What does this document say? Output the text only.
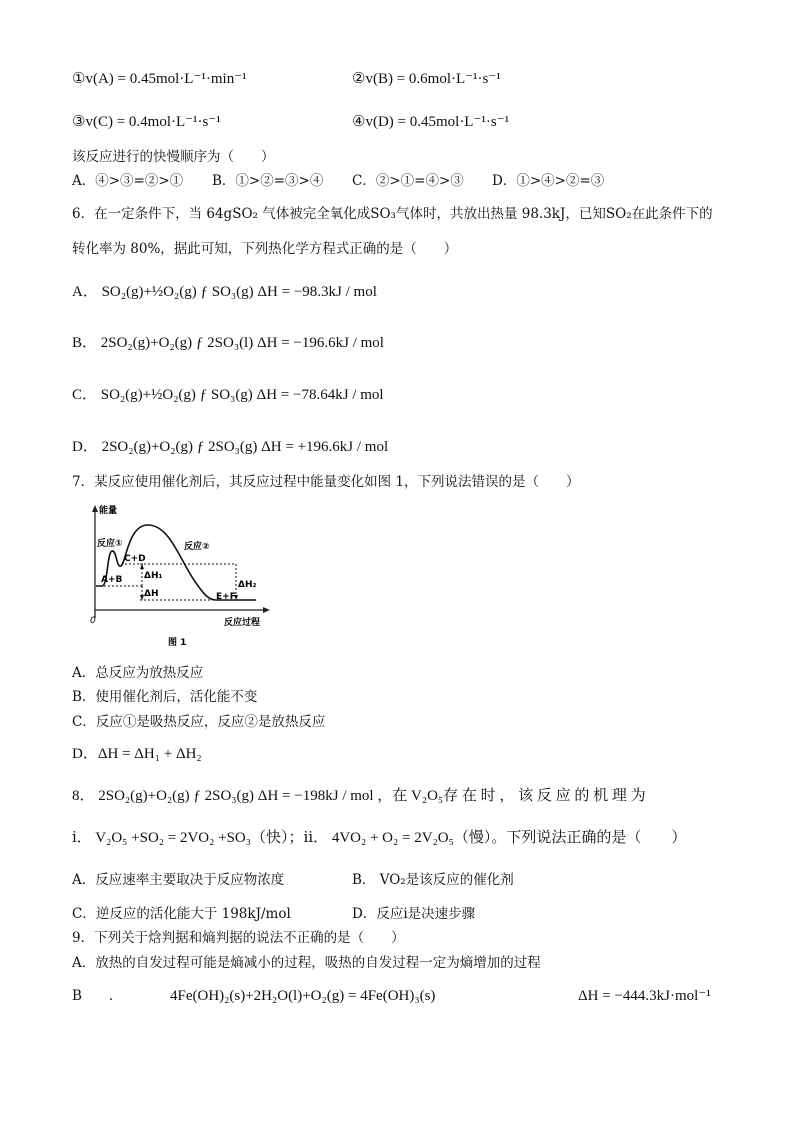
①v(A) = 0.45mol·L⁻¹·min⁻¹	②v(B) = 0.6mol·L⁻¹·s⁻¹
③v(C) = 0.4mol·L⁻¹·s⁻¹	④v(D) = 0.45mol·L⁻¹·s⁻¹
该反应进行的快慢顺序为（　　）
A．④>③=②>① B．①>②=③>④ C．②>①=④>③ D．①>④>②=③
6．在一定条件下，当 64gSO₂ 气体被完全氧化成SO₃气体时，共放出热量 98.3kJ，已知SO₂在此条件下的
转化率为 80%，据此可知，下列热化学方程式正确的是（　　）
A． SO₂(g)+½O₂(g) ƒ SO₃(g) ΔH = −98.3kJ / mol
B． 2SO₂(g)+O₂(g) ƒ 2SO₃(l) ΔH = −196.6kJ / mol
C． SO₂(g)+½O₂(g) ƒ SO₃(g) ΔH = −78.64kJ / mol
D． 2SO₂(g)+O₂(g) ƒ 2SO₃(g) ΔH = +196.6kJ / mol
7．某反应使用催化剂后，其反应过程中能量变化如图 1，下列说法错误的是（　　）
能量
0	反应过程
反应①
C+D
反应②
A+B ΔH₁
ΔH
ΔH₂
E+F
图 1
A．总反应为放热反应
B．使用催化剂后，活化能不变
C．反应①是吸热反应，反应②是放热反应
D．ΔH = ΔH₁ + ΔH₂
8． 2SO₂(g)+O₂(g) ƒ 2SO₃(g) ΔH = −198kJ / mol ，在 V₂O₅存 在 时 ， 该 反 应 的 机 理 为
ⅰ． V₂O₅ +SO₂ = 2VO₂ +SO₃（快）；ⅱ． 4VO₂ + O₂ = 2V₂O₅（慢）。下列说法正确的是（　　）
A．反应速率主要取决于反应物浓度	B． VO₂是该反应的催化剂
C．逆反应的活化能大于 198kJ/mol	D．反应ⅰ是决速步骤
9．下列关于焓判据和熵判据的说法不正确的是（　　）
A．放热的自发过程可能是熵减小的过程，吸热的自发过程一定为熵增加的过程
B　　．	4Fe(OH)₂(s)+2H₂O(l)+O₂(g) = 4Fe(OH)₃(s)	ΔH = −444.3kJ·mol⁻¹
